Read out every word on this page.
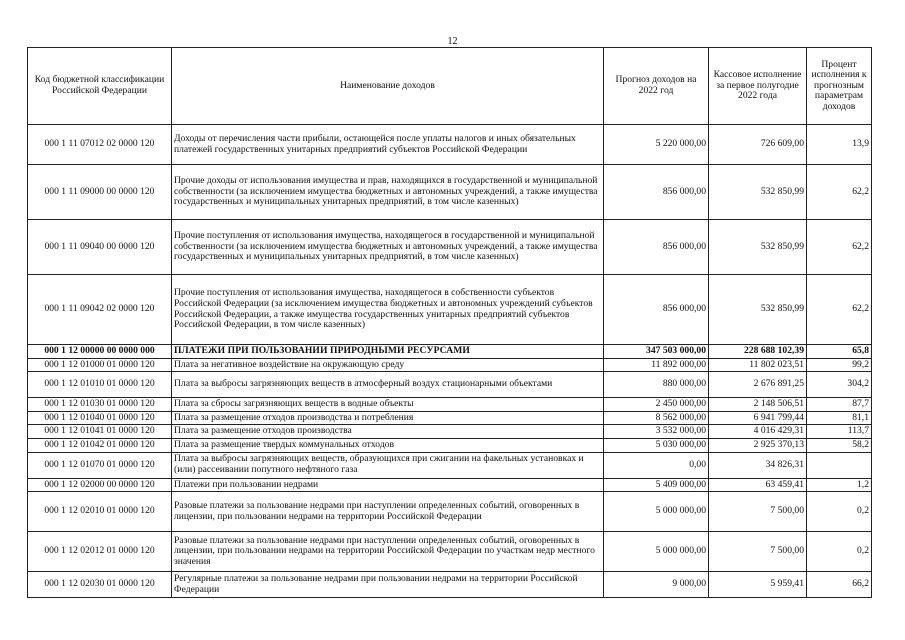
12
Код бюджетной классификации Российской Федерации	Наименование доходов	Прогноз доходов на 2022 год	Кассовое исполнение за первое полугодие 2022 года	Процент исполнения к прогнозным параметрам доходов
000 1 11 07012 02 0000 120	Доходы от перечисления части прибыли, остающейся после уплаты налогов и иных обязательных платежей государственных унитарных предприятий субъектов Российской Федерации	5 220 000,00	726 609,00	13,9
000 1 11 09000 00 0000 120	Прочие доходы от использования имущества и прав, находящихся в государственной и муниципальной собственности (за исключением имущества бюджетных и автономных учреждений, а также имущества государственных и муниципальных унитарных предприятий, в том числе казенных)	856 000,00	532 850,99	62,2
000 1 11 09040 00 0000 120	Прочие поступления от использования имущества, находящегося в государственной и муниципальной собственности (за исключением имущества бюджетных и автономных учреждений, а также имущества государственных и муниципальных унитарных предприятий, в том числе казенных)	856 000,00	532 850,99	62,2
000 1 11 09042 02 0000 120	Прочие поступления от использования имущества, находящегося в собственности субъектов Российской Федерации (за исключением имущества бюджетных и автономных учреждений субъектов Российской Федерации, а также имущества государственных унитарных предприятий субъектов Российской Федерации, в том числе казенных)	856 000,00	532 850,99	62,2
000 1 12 00000 00 0000 000	ПЛАТЕЖИ ПРИ ПОЛЬЗОВАНИИ ПРИРОДНЫМИ РЕСУРСАМИ	347 503 000,00	228 688 102,39	65,8
000 1 12 01000 01 0000 120	Плата за негативное воздействие на окружающую среду	11 892 000,00	11 802 023,51	99,2
000 1 12 01010 01 0000 120	Плата за выбросы загрязняющих веществ в атмосферный воздух стационарными объектами	880 000,00	2 676 891,25	304,2
000 1 12 01030 01 0000 120	Плата за сбросы загрязняющих веществ в водные объекты	2 450 000,00	2 148 506,51	87,7
000 1 12 01040 01 0000 120	Плата за размещение отходов производства и потребления	8 562 000,00	6 941 799,44	81,1
000 1 12 01041 01 0000 120	Плата за размещение отходов производства	3 532 000,00	4 016 429,31	113,7
000 1 12 01042 01 0000 120	Плата за размещение твердых коммунальных отходов	5 030 000,00	2 925 370,13	58,2
000 1 12 01070 01 0000 120	Плата за выбросы загрязняющих веществ, образующихся при сжигании на факельных установках и (или) рассеивании попутного нефтяного газа	0,00	34 826,31	
000 1 12 02000 00 0000 120	Платежи при пользовании недрами	5 409 000,00	63 459,41	1,2
000 1 12 02010 01 0000 120	Разовые платежи за пользование недрами при наступлении определенных событий, оговоренных в лицензии, при пользовании недрами на территории Российской Федерации	5 000 000,00	7 500,00	0,2
000 1 12 02012 01 0000 120	Разовые платежи за пользование недрами при наступлении определенных событий, оговоренных в лицензии, при пользовании недрами на территории Российской Федерации по участкам недр местного значения	5 000 000,00	7 500,00	0,2
000 1 12 02030 01 0000 120	Регулярные платежи за пользование недрами при пользовании недрами на территории Российской Федерации	9 000,00	5 959,41	66,2
